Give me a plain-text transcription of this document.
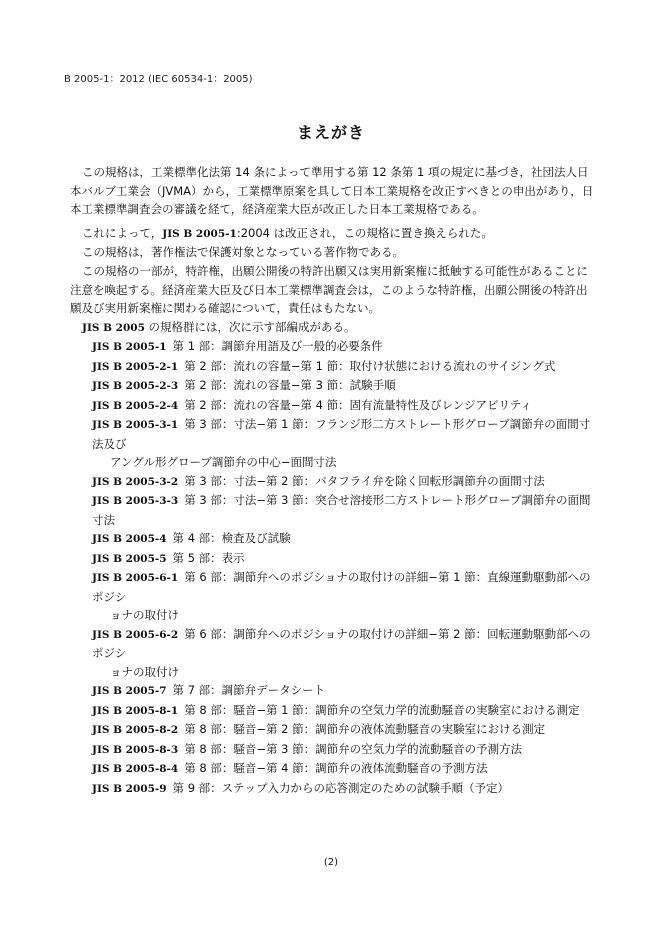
B 2005-1：2012 (IEC 60534-1：2005)
まえがき

この規格は，工業標準化法第 14 条によって準用する第 12 条第 1 項の規定に基づき，社団法人日本バルブ工業会（JVMA）から，工業標準原案を具して日本工業規格を改正すべきとの申出があり，日本工業標準調査会の審議を経て，経済産業大臣が改正した日本工業規格である。

これによって，JIS B 2005-1:2004 は改正され，この規格に置き換えられた。

この規格は，著作権法で保護対象となっている著作物である。

この規格の一部が，特許権，出願公開後の特許出願又は実用新案権に抵触する可能性があることに注意を喚起する。経済産業大臣及び日本工業標準調査会は，このような特許権，出願公開後の特許出願及び実用新案権に関わる確認について，責任はもたない。

JIS B 2005 の規格群には，次に示す部編成がある。

JIS B 2005-1 第 1 部：調節弁用語及び一般的必要条件
JIS B 2005-2-1 第 2 部：流れの容量−第 1 節：取付け状態における流れのサイジング式
JIS B 2005-2-3 第 2 部：流れの容量−第 3 節：試験手順
JIS B 2005-2-4 第 2 部：流れの容量−第 4 節：固有流量特性及びレンジアビリティ
JIS B 2005-3-1 第 3 部：寸法−第 1 節：フランジ形二方ストレート形グローブ調節弁の面間寸法及び
アングル形グローブ調節弁の中心−面間寸法
JIS B 2005-3-2 第 3 部：寸法−第 2 節：バタフライ弁を除く回転形調節弁の面間寸法
JIS B 2005-3-3 第 3 部：寸法−第 3 節：突合せ溶接形二方ストレート形グローブ調節弁の面間寸法
JIS B 2005-4 第 4 部：検査及び試験
JIS B 2005-5 第 5 部：表示
JIS B 2005-6-1 第 6 部：調節弁へのポジショナの取付けの詳細−第 1 節：直線運動駆動部へのポジシ
ョナの取付け
JIS B 2005-6-2 第 6 部：調節弁へのポジショナの取付けの詳細−第 2 節：回転運動駆動部へのポジシ
ョナの取付け
JIS B 2005-7 第 7 部：調節弁データシート
JIS B 2005-8-1 第 8 部：騒音−第 1 節：調節弁の空気力学的流動騒音の実験室における測定
JIS B 2005-8-2 第 8 部：騒音−第 2 節：調節弁の液体流動騒音の実験室における測定
JIS B 2005-8-3 第 8 部：騒音−第 3 節：調節弁の空気力学的流動騒音の予測方法
JIS B 2005-8-4 第 8 部：騒音−第 4 節：調節弁の液体流動騒音の予測方法
JIS B 2005-9 第 9 部：ステップ入力からの応答測定のための試験手順（予定）
(2)
